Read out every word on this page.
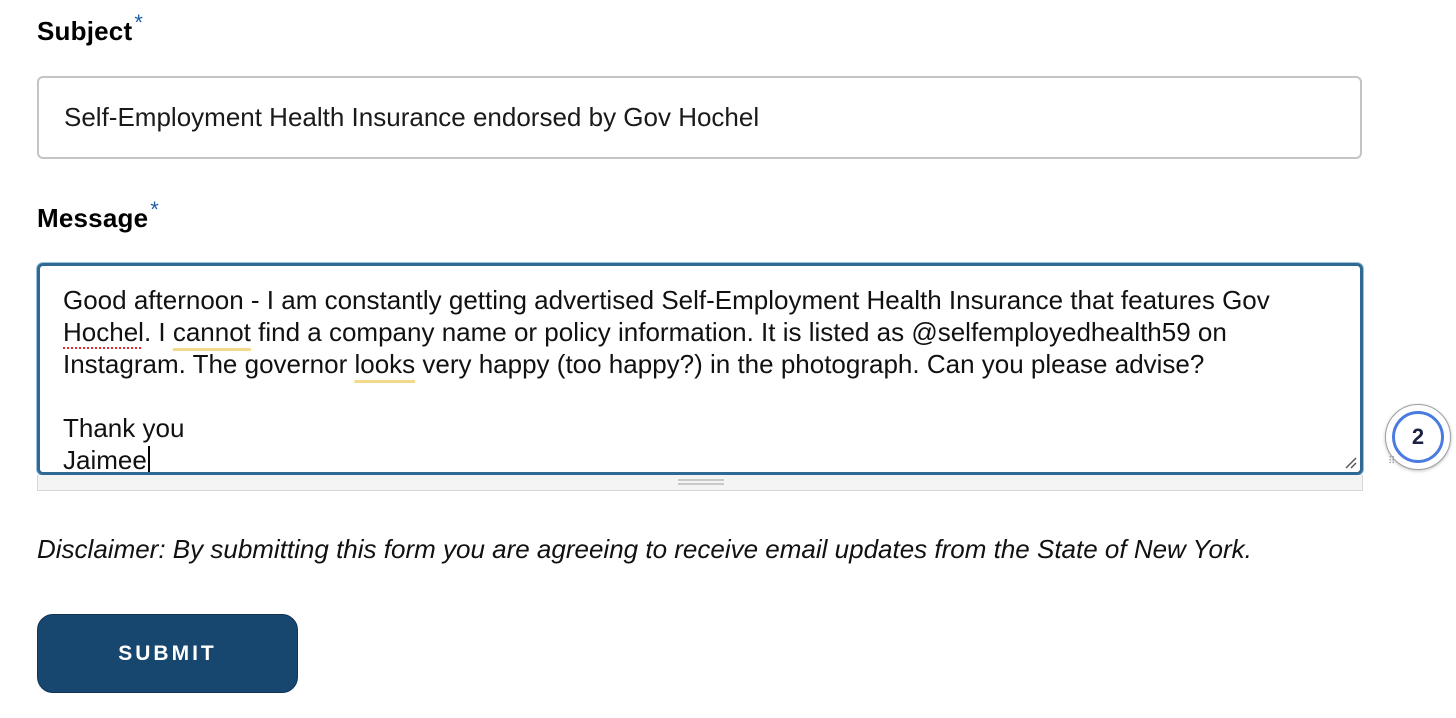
Subject*
Self-Employment Health Insurance endorsed by Gov Hochel
Message*
Good afternoon - I am constantly getting advertised Self-Employment Health Insurance that features Gov
Hochel. I cannot find a company name or policy information. It is listed as @selfemployedhealth59 on
Instagram. The governor looks very happy (too happy?) in the photograph. Can you please advise?
Thank you
Jaimee
2
⠿
Disclaimer: By submitting this form you are agreeing to receive email updates from the State of New York.
SUBMIT
